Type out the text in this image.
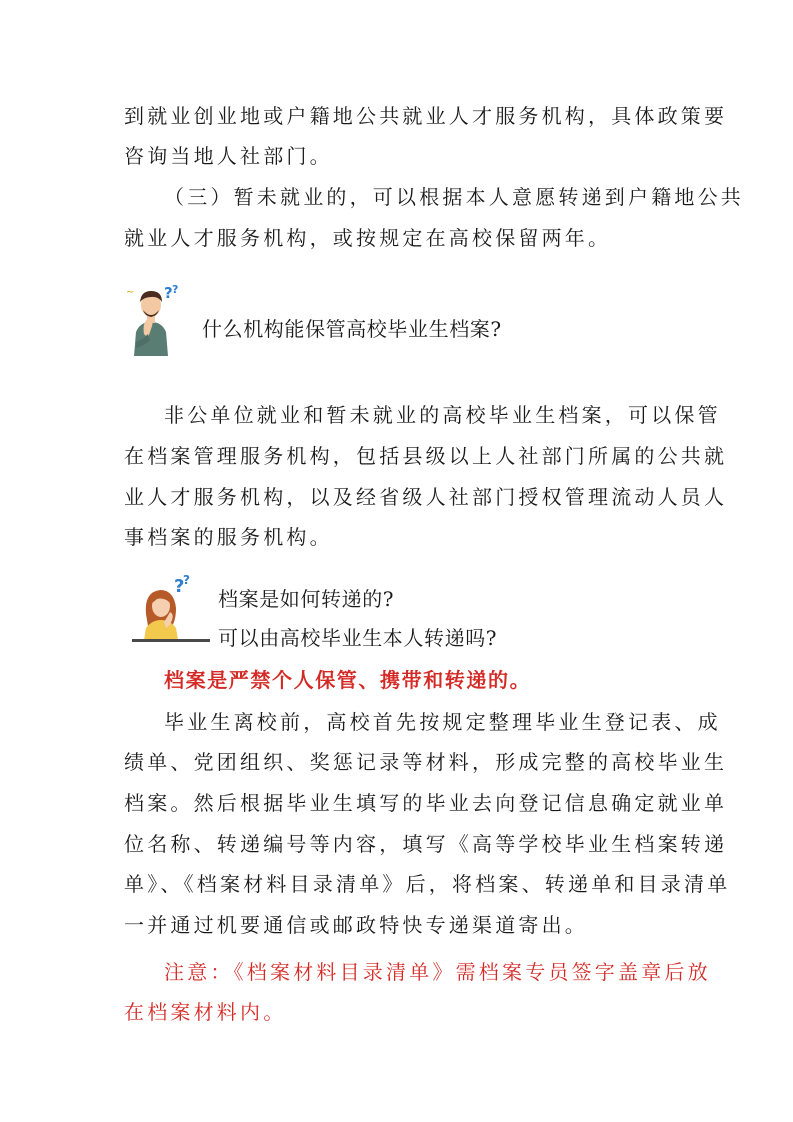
到就业创业地或户籍地公共就业人才服务机构，具体政策要
咨询当地人社部门。
（三）暂未就业的，可以根据本人意愿转递到户籍地公共
就业人才服务机构，或按规定在高校保留两年。
? ?
~
什么机构能保管高校毕业生档案?
非公单位就业和暂未就业的高校毕业生档案，可以保管
在档案管理服务机构，包括县级以上人社部门所属的公共就
业人才服务机构，以及经省级人社部门授权管理流动人员人
事档案的服务机构。
?
?
档案是如何转递的?
可以由高校毕业生本人转递吗?
档案是严禁个人保管、携带和转递的。
毕业生离校前，高校首先按规定整理毕业生登记表、成
绩单、党团组织、奖惩记录等材料，形成完整的高校毕业生
档案。然后根据毕业生填写的毕业去向登记信息确定就业单
位名称、转递编号等内容，填写《高等学校毕业生档案转递
单》、《档案材料目录清单》后，将档案、转递单和目录清单
一并通过机要通信或邮政特快专递渠道寄出。
注意：《档案材料目录清单》需档案专员签字盖章后放
在档案材料内。
